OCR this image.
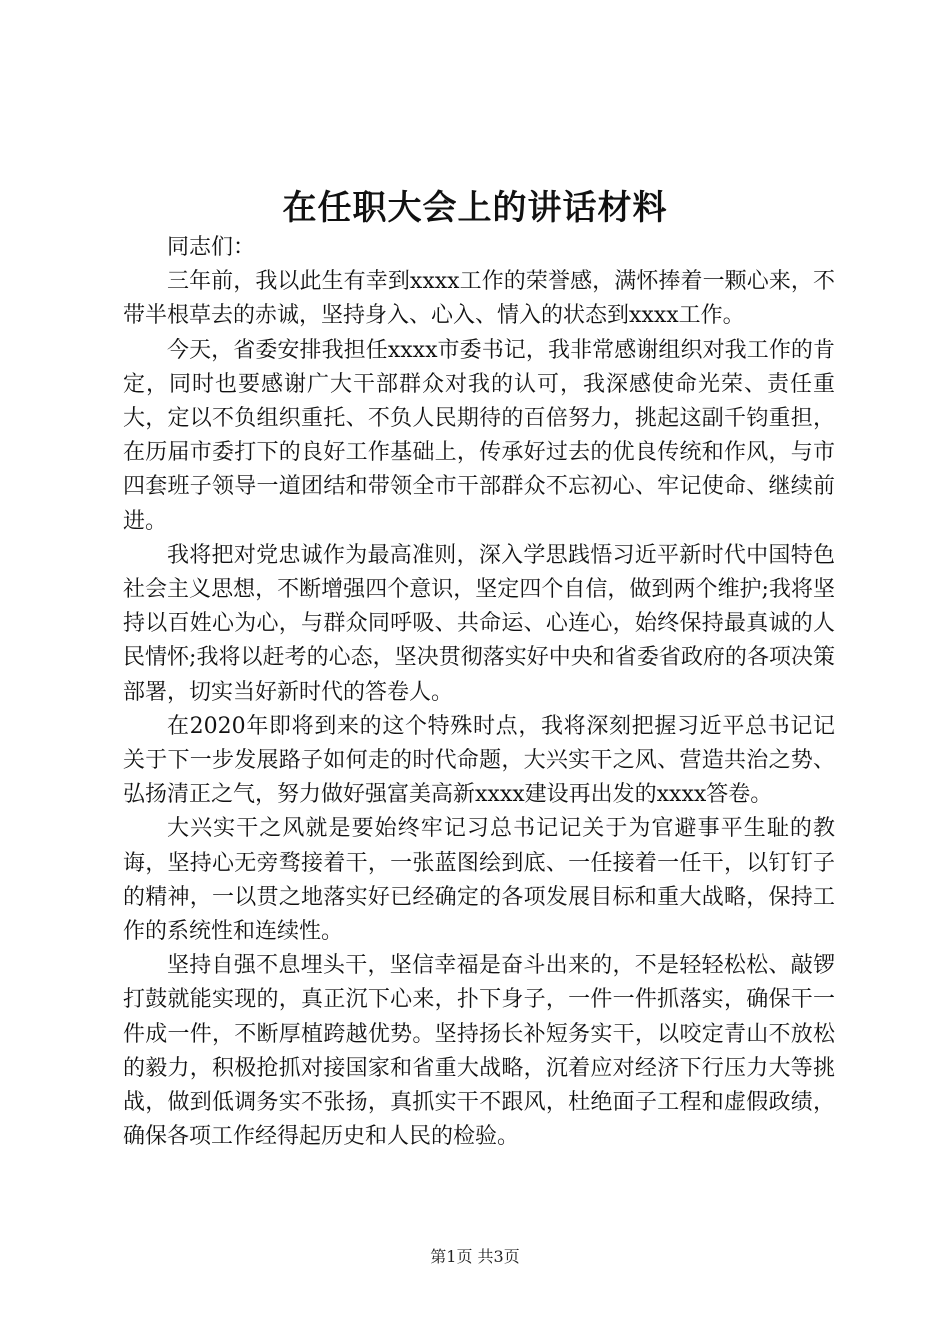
在任职大会上的讲话材料

同志们：

三年前，我以此生有幸到xxxx工作的荣誉感，满怀捧着一颗心来，不带半根草去的赤诚，坚持身入、心入、情入的状态到xxxx工作。

今天，省委安排我担任xxxx市委书记，我非常感谢组织对我工作的肯定，同时也要感谢广大干部群众对我的认可，我深感使命光荣、责任重大，定以不负组织重托、不负人民期待的百倍努力，挑起这副千钧重担，在历届市委打下的良好工作基础上，传承好过去的优良传统和作风，与市四套班子领导一道团结和带领全市干部群众不忘初心、牢记使命、继续前进。

我将把对党忠诚作为最高准则，深入学思践悟习近平新时代中国特色社会主义思想，不断增强四个意识，坚定四个自信，做到两个维护;我将坚持以百姓心为心，与群众同呼吸、共命运、心连心，始终保持最真诚的人民情怀;我将以赶考的心态，坚决贯彻落实好中央和省委省政府的各项决策部署，切实当好新时代的答卷人。

在2020年即将到来的这个特殊时点，我将深刻把握习近平总书记记关于下一步发展路子如何走的时代命题，大兴实干之风、营造共治之势、弘扬清正之气，努力做好强富美高新xxxx建设再出发的xxxx答卷。

大兴实干之风就是要始终牢记习总书记记关于为官避事平生耻的教诲，坚持心无旁骛接着干，一张蓝图绘到底、一任接着一任干，以钉钉子的精神，一以贯之地落实好已经确定的各项发展目标和重大战略，保持工作的系统性和连续性。

坚持自强不息埋头干，坚信幸福是奋斗出来的，不是轻轻松松、敲锣打鼓就能实现的，真正沉下心来，扑下身子，一件一件抓落实，确保干一件成一件，不断厚植跨越优势。坚持扬长补短务实干，以咬定青山不放松的毅力，积极抢抓对接国家和省重大战略，沉着应对经济下行压力大等挑战，做到低调务实不张扬，真抓实干不跟风，杜绝面子工程和虚假政绩，确保各项工作经得起历史和人民的检验。

第1页 共3页
